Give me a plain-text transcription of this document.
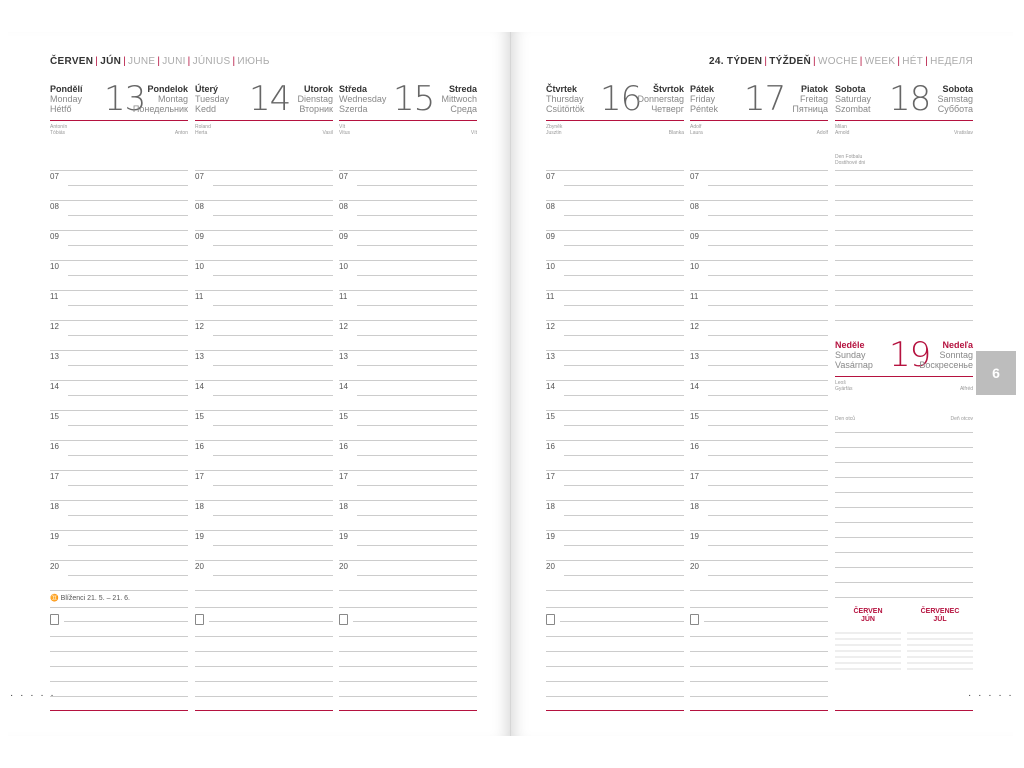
ČERVEN | JÚN | JUNE | JUNI | JÚNIUS | ИЮНЬ	24. TÝDEN | TÝŽDEŇ | WOCHE | WEEK | HÉT | НЕДЕЛЯ
Pondělí
Monday
Hétfő 13 Pondelok
Montag
Понедельник
Antonín
Tóbiás	Anton
07
08
09
10
11
12
13
14
15
16
17
18
19
20
♊ Blíženci 21. 5. – 21. 6.
Úterý
Tuesday
Kedd 14	Utorok
Dienstag
Вторник
Roland
Herta	Vasil
07
08
09
10
11
12
13
14
15
16
17
18
19
20
Středa
Wednesday
Szerda 15	Streda
Mittwoch
Среда
Vít
Vitus	Vít
07
08
09
10
11
12
13
14
15
16
17
18
19
20
Čtvrtek
Thursday
Csütörtök 16	Štvrtok
Donnerstag
Четверг
Zbyněk
Jusztin	Blanka
07
08
09
10
11
12
13
14
15
16
17
18
19
20
Pátek
Friday
Péntek 17	Piatok
Freitag
Пятница
Adolf
Laura	Adolf
07
08
09
10
11
12
13
14
15
16
17
18
19
20
Sobota
Saturday
Szombat 18	Sobota
Samstag
Суббота
Milan
Arnold	Vratislav
Den Fotbalu
Dostihové dni
Neděle
Sunday
Vasárnap 19	Nedeľa
Sonntag
Воскресенье
Leoš
Gyárfás	Alfréd
Den otců	Deň otcov
ČERVEN
JÚN
ČERVENEC
JÚL
6
· · · · ·	· · · · ·
